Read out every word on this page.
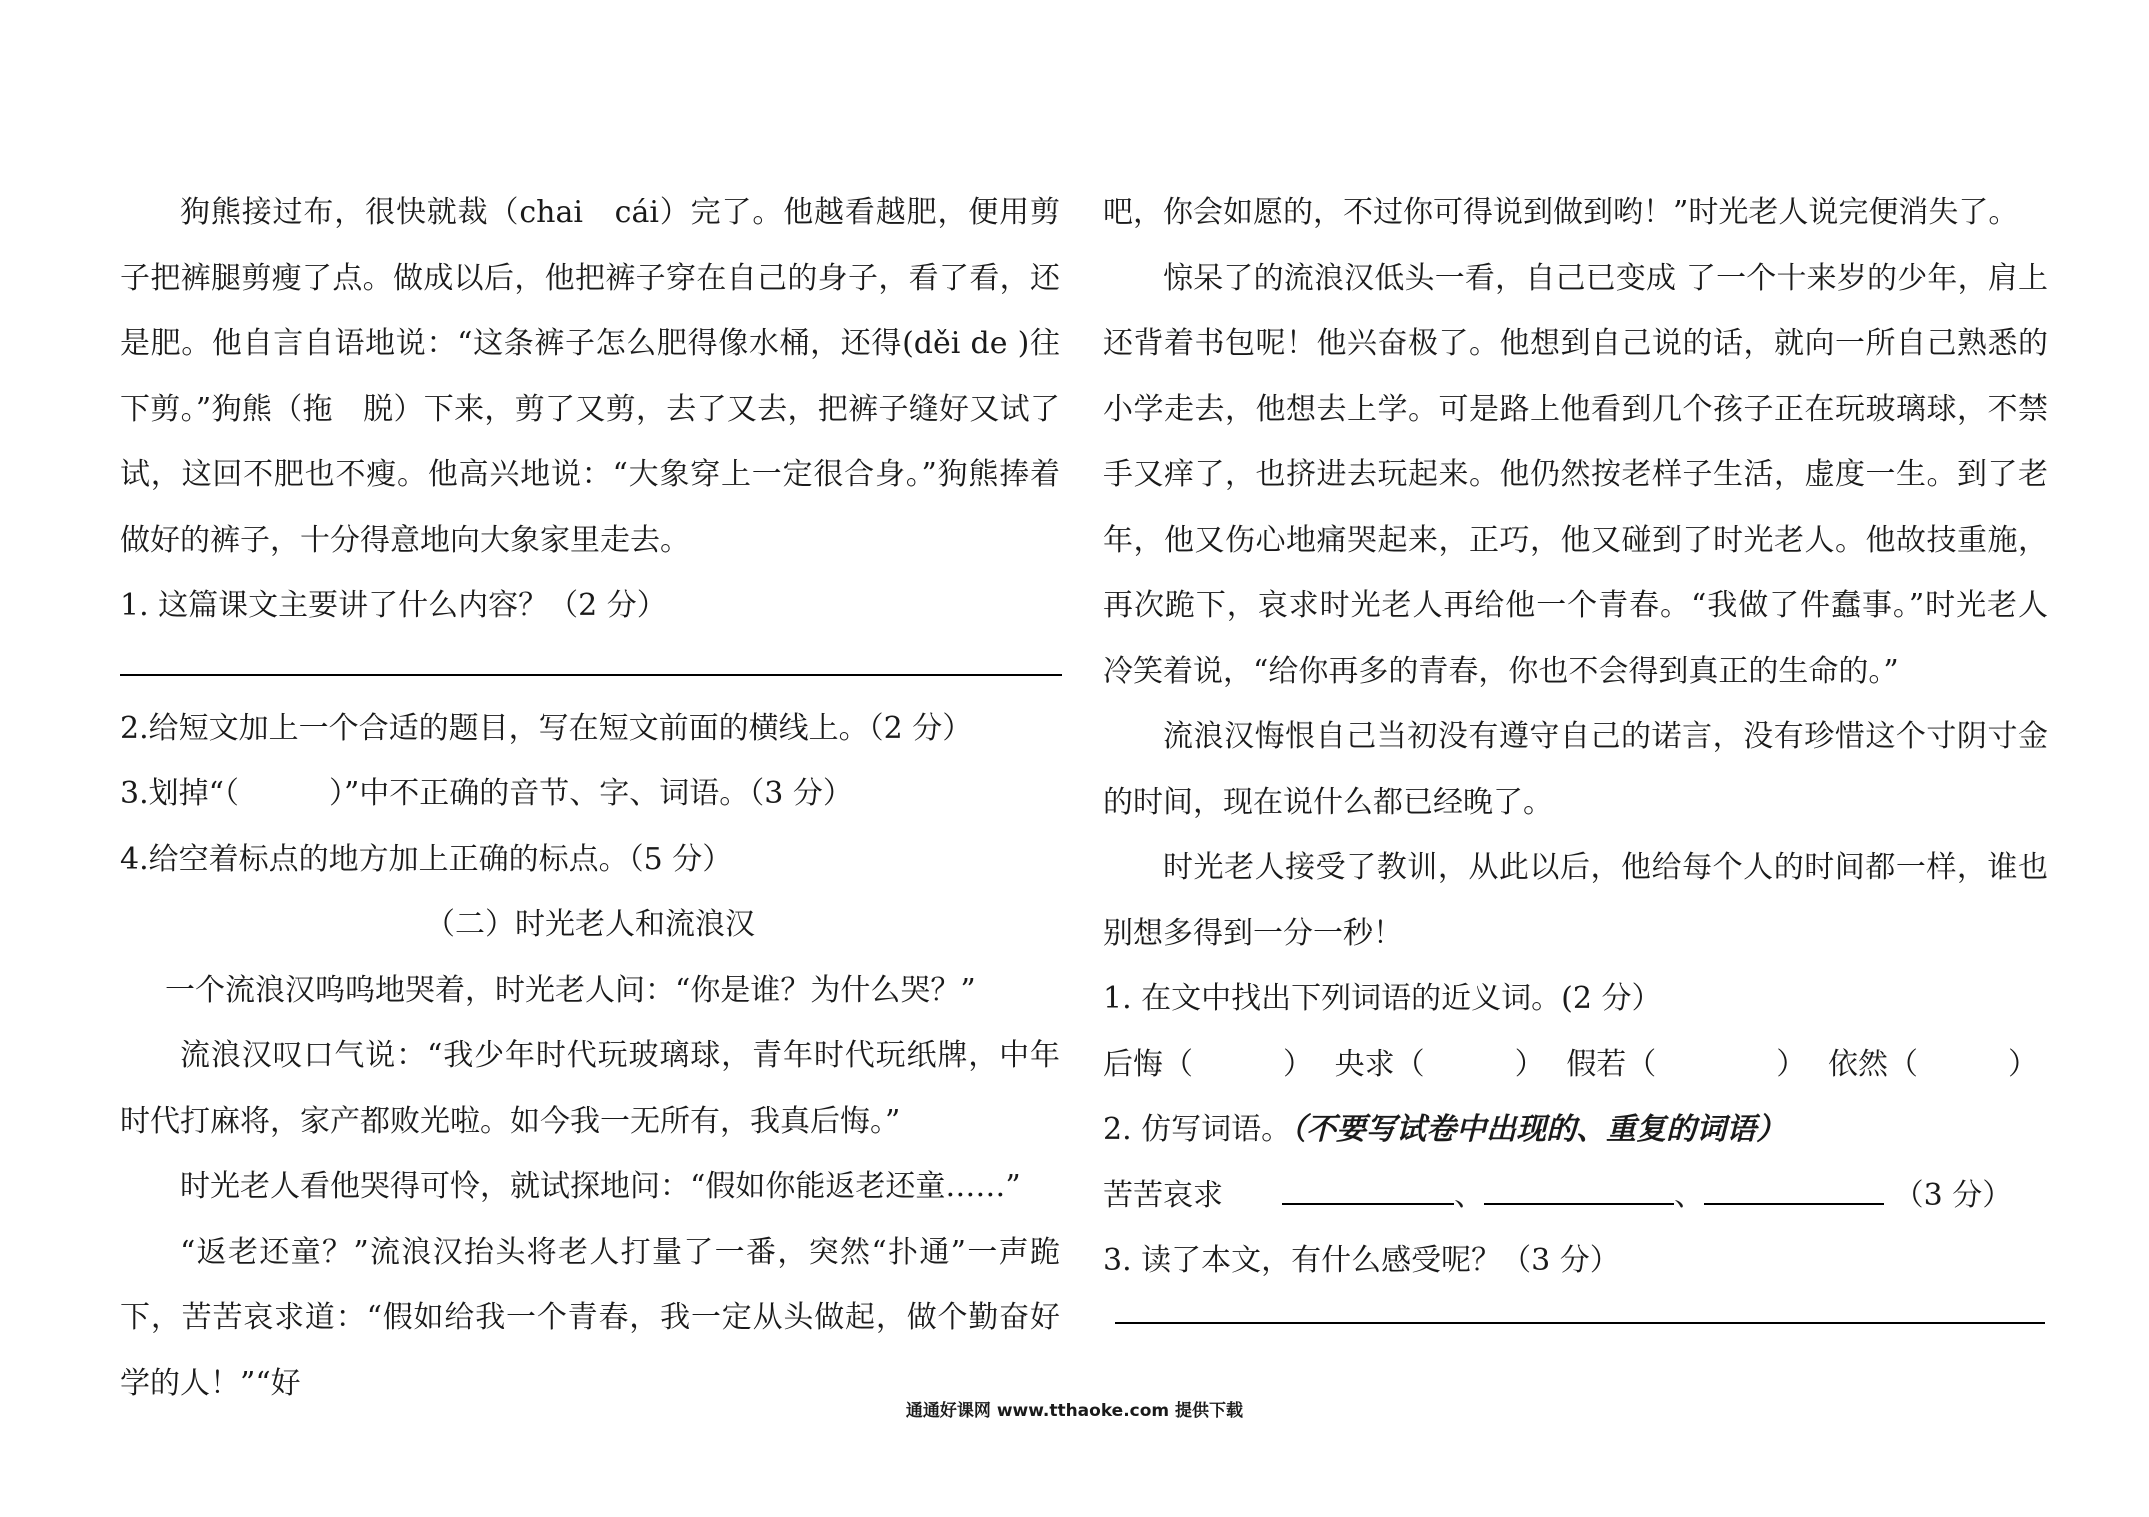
狗熊接过布，很快就裁（chai　cái）完了。他越看越肥，便用剪子把裤腿剪瘦了点。做成以后，他把裤子穿在自己的身子，看了看，还是肥。他自言自语地说：“这条裤子怎么肥得像水桶，还得(děi de )往下剪。”狗熊（拖　脱）下来，剪了又剪，去了又去，把裤子缝好又试了试，这回不肥也不瘦。他高兴地说：“大象穿上一定很合身。”狗熊捧着做好的裤子，十分得意地向大象家里走去。

1. 这篇课文主要讲了什么内容？（2 分）

2.给短文加上一个合适的题目，写在短文前面的横线上。（2 分）

3.划掉“（　　　）”中不正确的音节、字、词语。（3 分）

4.给空着标点的地方加上正确的标点。（5 分）

（二）时光老人和流浪汉

一个流浪汉呜呜地哭着，时光老人问：“你是谁？为什么哭？”

流浪汉叹口气说：“我少年时代玩玻璃球，青年时代玩纸牌，中年时代打麻将，家产都败光啦。如今我一无所有，我真后悔。”

时光老人看他哭得可怜，就试探地问：“假如你能返老还童……”

“返老还童？”流浪汉抬头将老人打量了一番，突然“扑通”一声跪下，苦苦哀求道：“假如给我一个青春，我一定从头做起，做个勤奋好学的人！”“好

吧，你会如愿的，不过你可得说到做到哟！”时光老人说完便消失了。

惊呆了的流浪汉低头一看，自己已变成 了一个十来岁的少年，肩上还背着书包呢！他兴奋极了。他想到自己说的话，就向一所自己熟悉的小学走去，他想去上学。可是路上他看到几个孩子正在玩玻璃球，不禁手又痒了，也挤进去玩起来。他仍然按老样子生活，虚度一生。到了老年，他又伤心地痛哭起来，正巧，他又碰到了时光老人。他故技重施，再次跪下，哀求时光老人再给他一个青春。“我做了件蠢事。”时光老人冷笑着说，“给你再多的青春，你也不会得到真正的生命的。”

流浪汉悔恨自己当初没有遵守自己的诺言，没有珍惜这个寸阴寸金的时间，现在说什么都已经晚了。

时光老人接受了教训，从此以后，他给每个人的时间都一样，谁也别想多得到一分一秒！

1. 在文中找出下列词语的近义词。(2 分）

后悔（　　　） 央求（　　　） 假若（　　　　） 依然（　　　）

2. 仿写词语。（不要写试卷中出现的、重复的词语）

苦苦哀求	、	、	（3 分）

3. 读了本文，有什么感受呢？（3 分）

通通好课网 www.tthaoke.com 提供下载
